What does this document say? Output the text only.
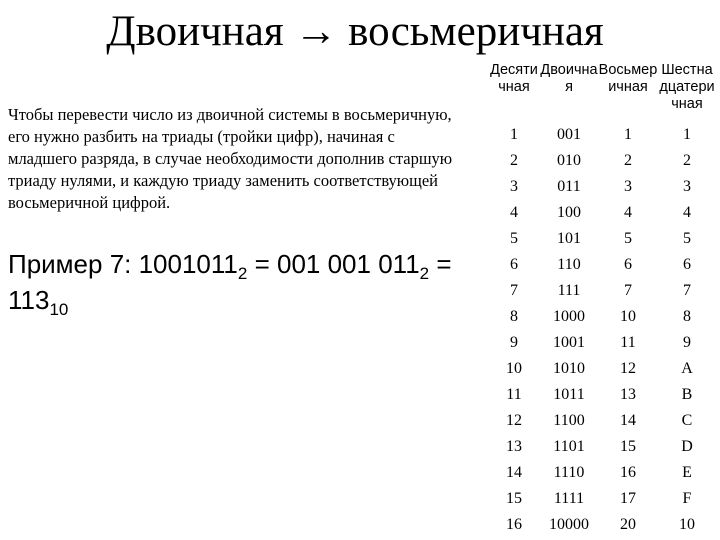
Двоичная → восьмеричная
Чтобы перевести число из двоичной системы в восьмеричную, его нужно разбить на триады (тройки цифр), начиная с младшего разряда, в случае необходимости дополнив старшую триаду нулями, и каждую триаду заменить соответствующей восьмеричной цифрой.
Пример 7: $1001011_2 = 001$ 001 $011_2 = 113_{10}$
Десятичная	Двоичная	Восьмеричная	Шестнадцатеричная
1	001	1	1
2	010	2	2
3	011	3	3
4	100	4	4
5	101	5	5
6	110	6	6
7	111	7	7
8	1000	10	8
9	1001	11	9
10	1010	12	A
11	1011	13	B
12	1100	14	C
13	1101	15	D
14	1110	16	E
15	1111	17	F
16	10000	20	10
